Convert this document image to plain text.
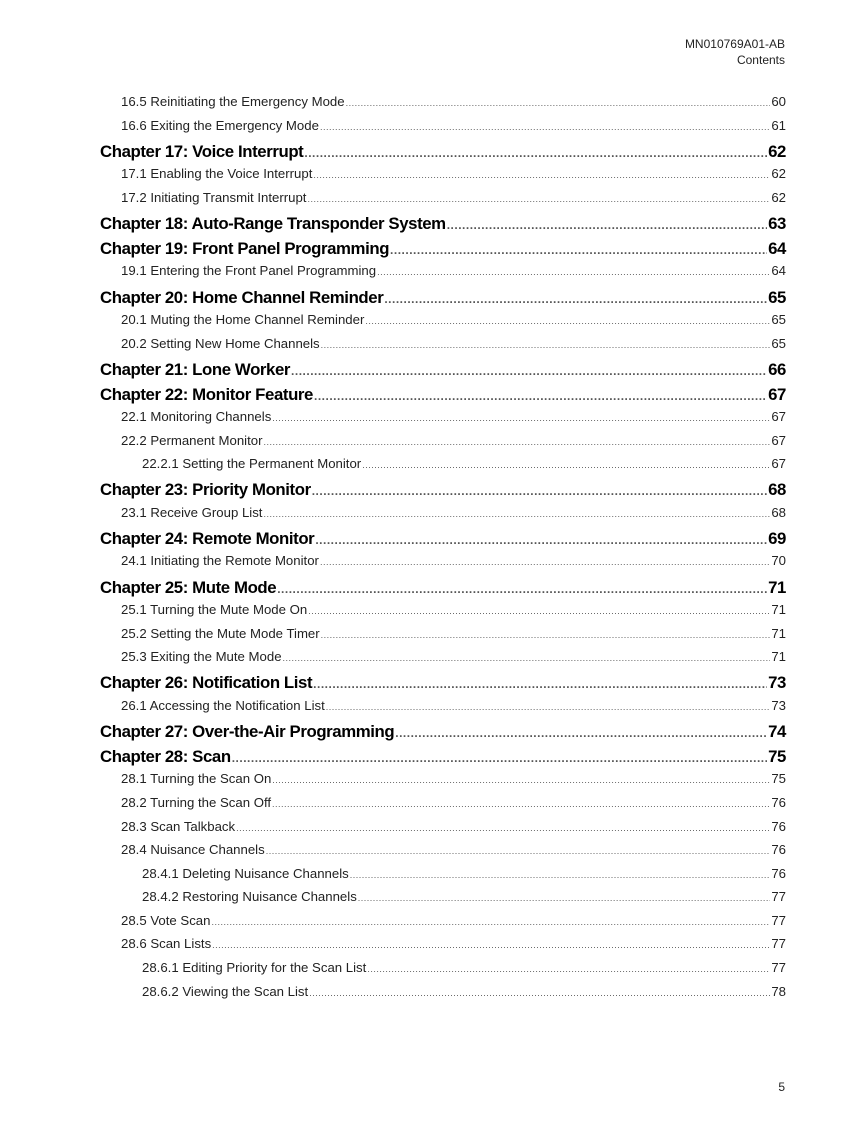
MN010769A01-AB
Contents
16.5 Reinitiating the Emergency Mode .....	60
16.6 Exiting the Emergency Mode .....	61
Chapter 17: Voice Interrupt .....	62
17.1 Enabling the Voice Interrupt .....	62
17.2 Initiating Transmit Interrupt .....	62
Chapter 18: Auto-Range Transponder System .....	63
Chapter 19: Front Panel Programming .....	64
19.1 Entering the Front Panel Programming .....	64
Chapter 20: Home Channel Reminder .....	65
20.1 Muting the Home Channel Reminder .....	65
20.2 Setting New Home Channels .....	65
Chapter 21: Lone Worker .....	66
Chapter 22: Monitor Feature .....	67
22.1 Monitoring Channels .....	67
22.2 Permanent Monitor .....	67
22.2.1 Setting the Permanent Monitor .....	67
Chapter 23: Priority Monitor .....	68
23.1 Receive Group List .....	68
Chapter 24: Remote Monitor .....	69
24.1 Initiating the Remote Monitor .....	70
Chapter 25: Mute Mode .....	71
25.1 Turning the Mute Mode On .....	71
25.2 Setting the Mute Mode Timer .....	71
25.3 Exiting the Mute Mode .....	71
Chapter 26: Notification List .....	73
26.1 Accessing the Notification List .....	73
Chapter 27: Over-the-Air Programming .....	74
Chapter 28: Scan .....	75
28.1 Turning the Scan On .....	75
28.2 Turning the Scan Off .....	76
28.3 Scan Talkback .....	76
28.4 Nuisance Channels .....	76
28.4.1 Deleting Nuisance Channels .....	76
28.4.2 Restoring Nuisance Channels .....	77
28.5 Vote Scan .....	77
28.6 Scan Lists .....	77
28.6.1 Editing Priority for the Scan List .....	77
28.6.2 Viewing the Scan List .....	78
5
